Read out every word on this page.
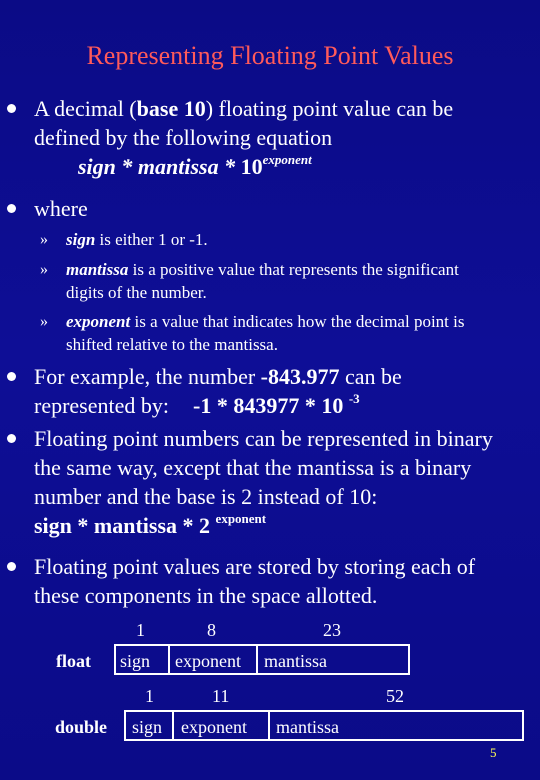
Representing Floating Point Values
A decimal (base 10) floating point value can be
defined by the following equation
sign * mantissa * $10^{exponent}$
where
» sign is either 1 or -1.
» mantissa is a positive value that represents the significant
digits of the number.
» exponent is a value that indicates how the decimal point is
shifted relative to the mantissa.
For example, the number -843.977 can be
represented by: -1 * 843977 * 10 $^{-3}$
Floating point numbers can be represented in binary
the same way, except that the mantissa is a binary
number and the base is 2 instead of 10:
sign * mantissa * 2 $^{exponent}$
Floating point values are stored by storing each of
these components in the space allotted.
1	8	23
float sign exponent mantissa
1	11	52
double sign exponent mantissa
5
